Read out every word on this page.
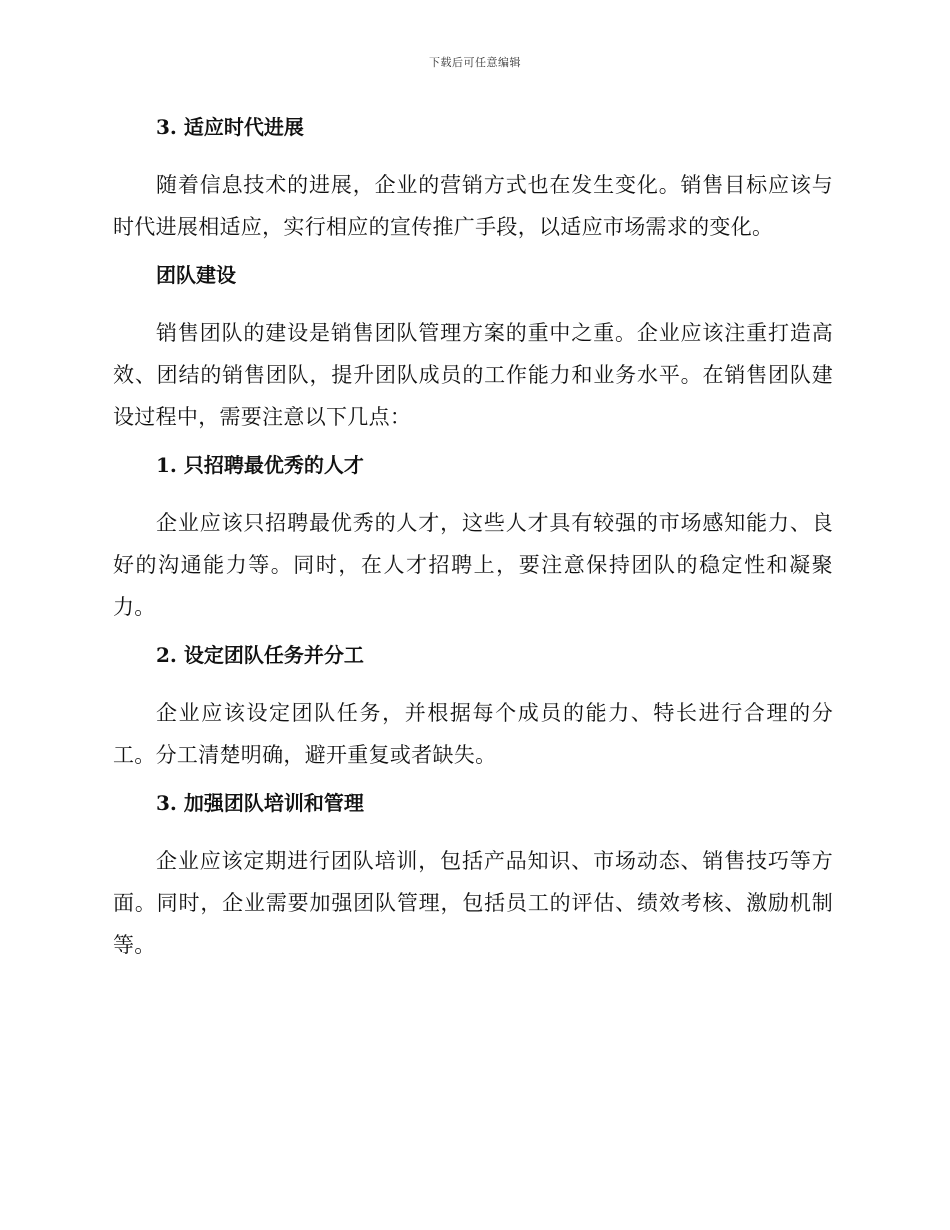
下载后可任意编辑
3. 适应时代进展

随着信息技术的进展，企业的营销方式也在发生变化。销售目标应该与时代进展相适应，实行相应的宣传推广手段，以适应市场需求的变化。

团队建设

销售团队的建设是销售团队管理方案的重中之重。企业应该注重打造高效、团结的销售团队，提升团队成员的工作能力和业务水平。在销售团队建设过程中，需要注意以下几点：

1. 只招聘最优秀的人才

企业应该只招聘最优秀的人才，这些人才具有较强的市场感知能力、良好的沟通能力等。同时，在人才招聘上，要注意保持团队的稳定性和凝聚力。

2. 设定团队任务并分工

企业应该设定团队任务，并根据每个成员的能力、特长进行合理的分工。分工清楚明确，避开重复或者缺失。

3. 加强团队培训和管理

企业应该定期进行团队培训，包括产品知识、市场动态、销售技巧等方面。同时，企业需要加强团队管理，包括员工的评估、绩效考核、激励机制等。
